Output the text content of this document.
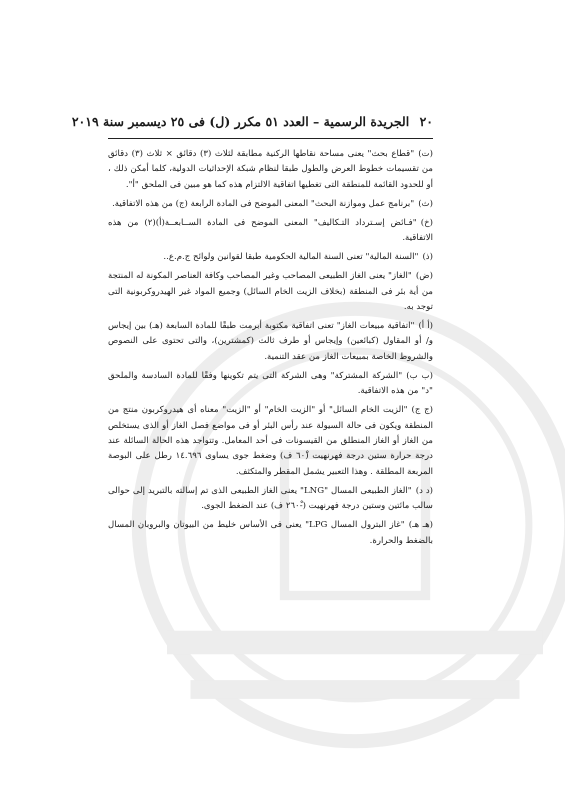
٢٠ الجريدة الرسمية – العدد ٥١ مكرر (ل) فى ٢٥ ديسمبر سنة ٢٠١٩

(ت)"قطاع بحث" يعنى مساحة نقاطها الركنية مطابقة لثلاث (٣) دقائق × ثلاث (٣) دقائق من تقسيمات خطوط العرض والطول طبقا لنظام شبكة الإحداثيات الدولية، كلما أمكن ذلك ، أو للحدود القائمة للمنطقة التى تغطيها اتفاقية الالتزام هذه كما هو مبين فى الملحق "أ".

(ث)"برنامج عمل وموازنة البحث" المعنى الموضح فى المادة الرابعة (ج) من هذه الاتفاقية.

(خ)"فـائض إسـترداد التـكاليف" المعنى الموضح فى المادة الســابعــة(أ)(٢) من هذه الاتفاقية.

(ذ)"السنة المالية" تعنى السنة المالية الحكومية طبقا لقوانين ولوائح ج.م.ع..

(ض)"الغاز" يعنى الغاز الطبيعى المصاحب وغير المصاحب وكافة العناصر المكونة له المنتجة من أية بئر فى المنطقة (بخلاف الزيت الخام السائل) وجميع المواد غير الهيدروكربونية التى توجد به.

(أ أ)"اتفاقية مبيعات الغاز" تعنى اتفاقية مكتوبة أبرمت طبقًا للمادة السابعة (هـ) بين إيجاس و/ أو المقاول (كبائعين) وإيجاس أو طرف ثالث (كمشترين)، والتى تحتوى على النصوص والشروط الخاصة بمبيعات الغاز من عقد التنمية.

(ب ب)"الشركة المشتركة" وهى الشركة التى يتم تكوينها وفقًا للمادة السادسة والملحق "د" من هذه الاتفاقية.

(ج ج)"الزيت الخام السائل" أو "الزيت الخام" أو "الزيت" معناه أى هيدروكربون منتج من المنطقة ويكون فى حالة السيولة عند رأس البئر أو فى مواضع فصل الغاز أو الذى يستخلص من الغاز أو الغاز المنطلق من القيسونات فى أحد المعامل. وتتواجد هذه الحالة السائلة عند درجة حرارة ستين درجة فهرنهيت (٦٠ْ ف) وضغط جوى يساوى ١٤.٦٩٦ رطل على البوصة المربعة المطلقة . وهذا التعبير يشمل المقطر والمتكثف.

(د د)"الغاز الطبيعى المسال "LNG" يعنى الغاز الطبيعى الذى تم إسالته بالتبريد إلى حوالى سالب مائتين وستين درجة فهرنهيت (-٢٦٠ْ ف) عند الضغط الجوى.

(هـ هـ)"غاز البترول المسال LPG" يعنى فى الأساس خليط من البيوتان والبروبان المسال بالضغط والحرارة.
